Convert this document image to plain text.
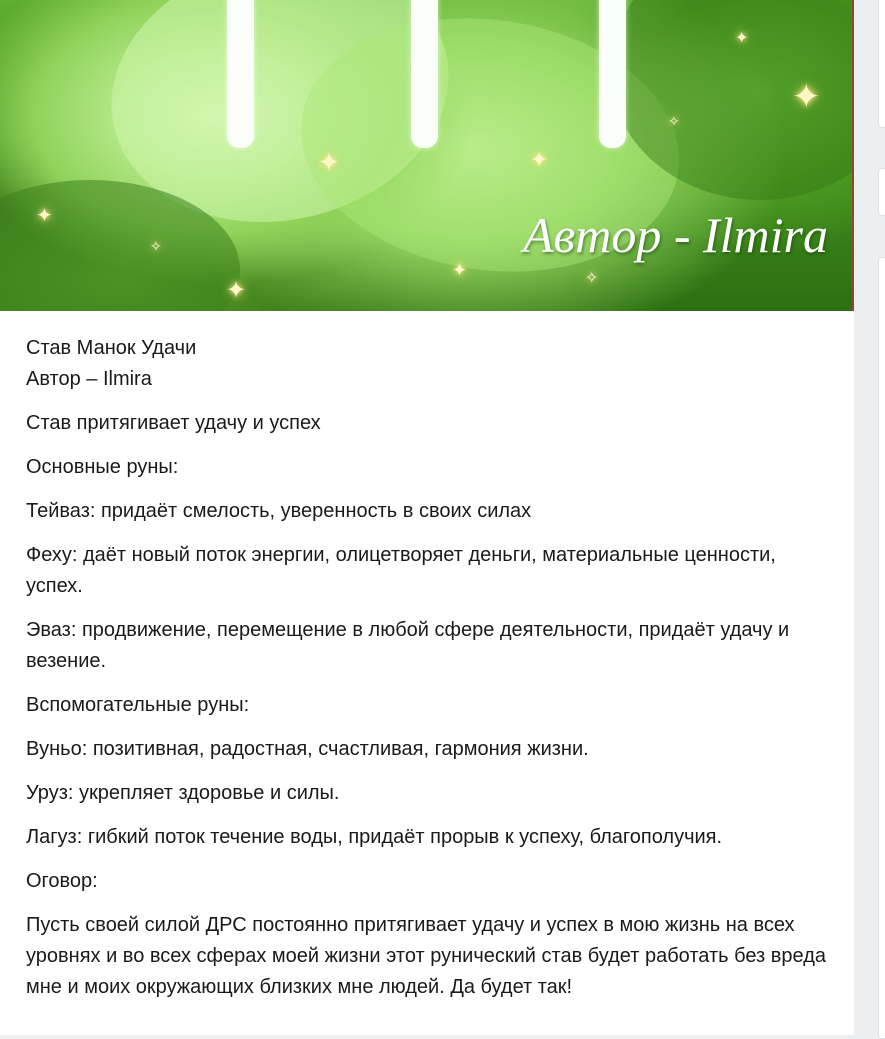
✦
✦
✦
✦
✦
✦
✦
✧
✧
✧
Автор - Ilmira

Став Манок Удачи

Автор – Ilmira

Став притягивает удачу и успех

Основные руны:

Тейваз: придаёт смелость, уверенность в своих силах

Феху: даёт новый поток энергии, олицетворяет деньги, материальные ценности, успех.

Эваз: продвижение, перемещение в любой сфере деятельности, придаёт удачу и везение.

Вспомогательные руны:

Вуньо: позитивная, радостная, счастливая, гармония жизни.

Уруз: укрепляет здоровье и силы.

Лагуз: гибкий поток течение воды, придаёт прорыв к успеху, благополучия.

Оговор:

Пусть своей силой ДРС постоянно притягивает удачу и успех в мою жизнь на всех уровнях и во всех сферах моей жизни этот рунический став будет работать без вреда мне и моих окружающих близких мне людей. Да будет так!
